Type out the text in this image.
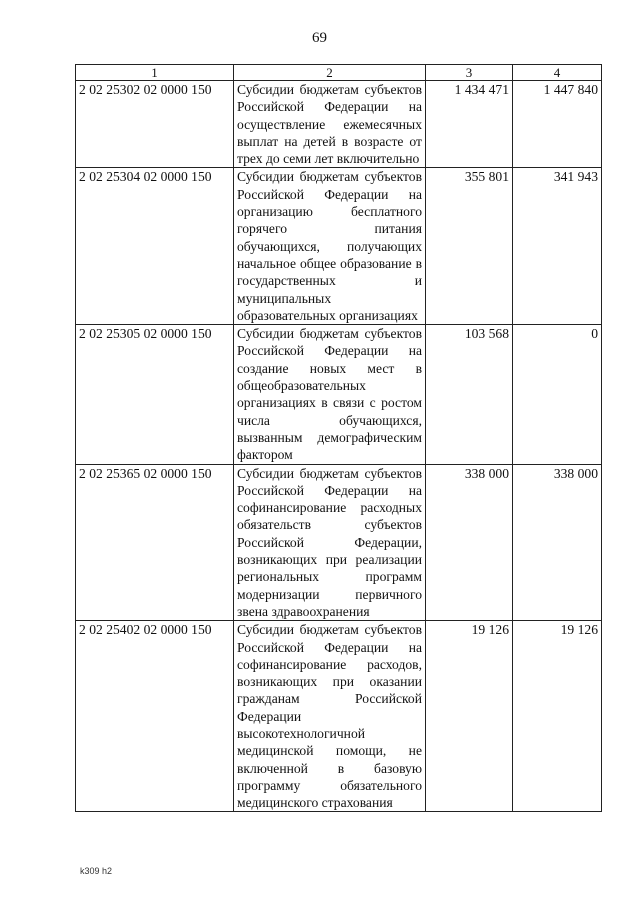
69
1	2	3	4
2 02 25302 02 0000 150	Субсидии бюджетам субъектов Российской Федерации на осуществление ежемесячных выплат на детей в возрасте от трех до семи лет включительно	1 434 471	1 447 840
2 02 25304 02 0000 150	Субсидии бюджетам субъектов Российской Федерации на организацию бесплатного горячего питания обучающихся, получающих начальное общее образование в государственных и муниципальных образовательных организациях	355 801	341 943
2 02 25305 02 0000 150	Субсидии бюджетам субъектов Российской Федерации на создание новых мест в общеобразовательных организациях в связи с ростом числа обучающихся, вызванным демографическим фактором	103 568	0
2 02 25365 02 0000 150	Субсидии бюджетам субъектов Российской Федерации на софинансирование расходных обязательств субъектов Российской Федерации, возникающих при реализации региональных программ модернизации первичного звена здравоохранения	338 000	338 000
2 02 25402 02 0000 150	Субсидии бюджетам субъектов Российской Федерации на софинансирование расходов, возникающих при оказании гражданам Российской Федерации высокотехнологичной медицинской помощи, не включенной в базовую программу обязательного медицинского страхования	19 126	19 126
k309 h2
